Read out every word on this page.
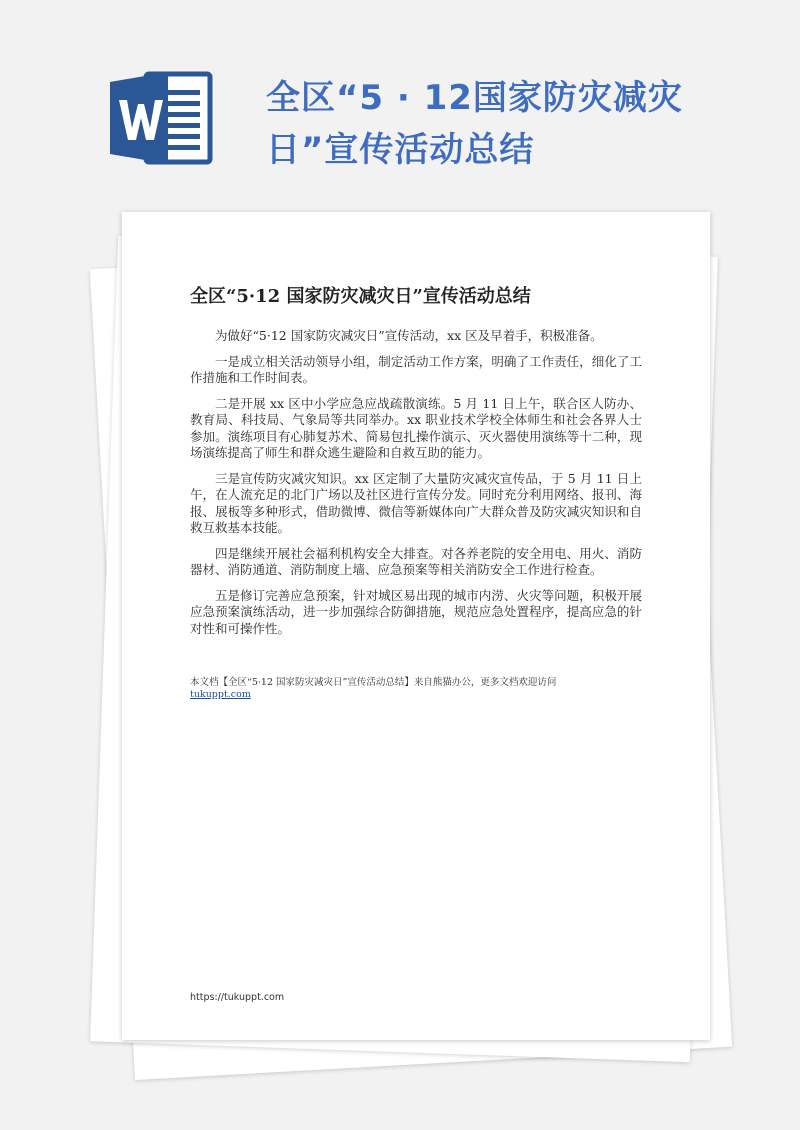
全区“5 · 12国家防灾减灾日”宣传活动总结
全区“5·12 国家防灾减灾日”宣传活动总结

为做好“5·12 国家防灾减灾日”宣传活动，xx 区及早着手，积极准备。

一是成立相关活动领导小组，制定活动工作方案，明确了工作责任，细化了工作措施和工作时间表。

二是开展 xx 区中小学应急应战疏散演练。5 月 11 日上午，联合区人防办、教育局、科技局、气象局等共同举办。xx 职业技术学校全体师生和社会各界人士参加。演练项目有心肺复苏术、简易包扎操作演示、灭火器使用演练等十二种，现场演练提高了师生和群众逃生避险和自救互助的能力。

三是宣传防灾减灾知识。xx 区定制了大量防灾减灾宣传品，于 5 月 11 日上午，在人流充足的北门广场以及社区进行宣传分发。同时充分利用网络、报刊、海报、展板等多种形式，借助微博、微信等新媒体向广大群众普及防灾减灾知识和自救互救基本技能。

四是继续开展社会福利机构安全大排查。对各养老院的安全用电、用火、消防器材、消防通道、消防制度上墙、应急预案等相关消防安全工作进行检查。

五是修订完善应急预案，针对城区易出现的城市内涝、火灾等问题，积极开展应急预案演练活动，进一步加强综合防御措施，规范应急处置程序，提高应急的针对性和可操作性。

本文档【全区“5·12 国家防灾减灾日”宣传活动总结】来自熊猫办公，更多文档欢迎访问
tukuppt.com
https://tukuppt.com
